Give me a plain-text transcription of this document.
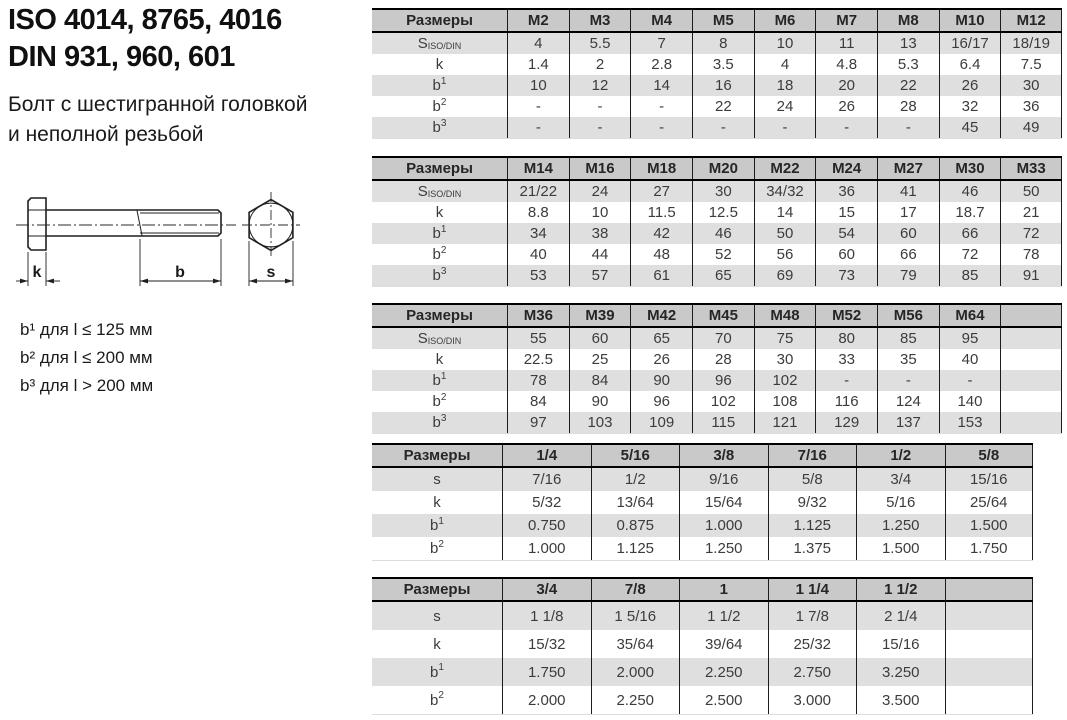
ISO 4014, 8765, 4016
DIN 931, 960, 601
Болт с шестигранной головкой
и неполной резьбой
k	b	s
b¹ для l ≤ 125 мм
b² для l ≤ 200 мм
b³ для l > 200 мм
Размеры	M2	M3	M4	M5	M6	M7	M8	M10	M12
$S_{ISO/DIN}$	4	5.5	7	8	10	11	13	16/17	18/19
k	1.4	2	2.8	3.5	4	4.8	5.3	6.4	7.5
$b^1$	10	12	14	16	18	20	22	26	30
$b^2$	-	-	-	22	24	26	28	32	36
$b^3$	-	-	-	-	-	-	-	45	49
Размеры	M14	M16	M18	M20	M22	M24	M27	M30	M33
$S_{ISO/DIN}$	21/22	24	27	30	34/32	36	41	46	50
k	8.8	10	11.5	12.5	14	15	17	18.7	21
$b^1$	34	38	42	46	50	54	60	66	72
$b^2$	40	44	48	52	56	60	66	72	78
$b^3$	53	57	61	65	69	73	79	85	91
Размеры	M36	M39	M42	M45	M48	M52	M56	M64
$S_{ISO/DIN}$	55	60	65	70	75	80	85	95
k	22.5	25	26	28	30	33	35	40
$b^1$	78	84	90	96	102	-	-	-
$b^2$	84	90	96	102	108	116	124	140
$b^3$	97	103	109	115	121	129	137	153
Размеры	1/4	5/16	3/8	7/16	1/2	5/8
s	7/16	1/2	9/16	5/8	3/4	15/16
k	5/32	13/64	15/64	9/32	5/16	25/64
$b^1$	0.750	0.875	1.000	1.125	1.250	1.500
$b^2$	1.000	1.125	1.250	1.375	1.500	1.750
Размеры	3/4	7/8	1	1 1/4	1 1/2
s	1 1/8	1 5/16	1 1/2	1 7/8	2 1/4
k	15/32	35/64	39/64	25/32	15/16
$b^1$	1.750	2.000	2.250	2.750	3.250
$b^2$	2.000	2.250	2.500	3.000	3.500
